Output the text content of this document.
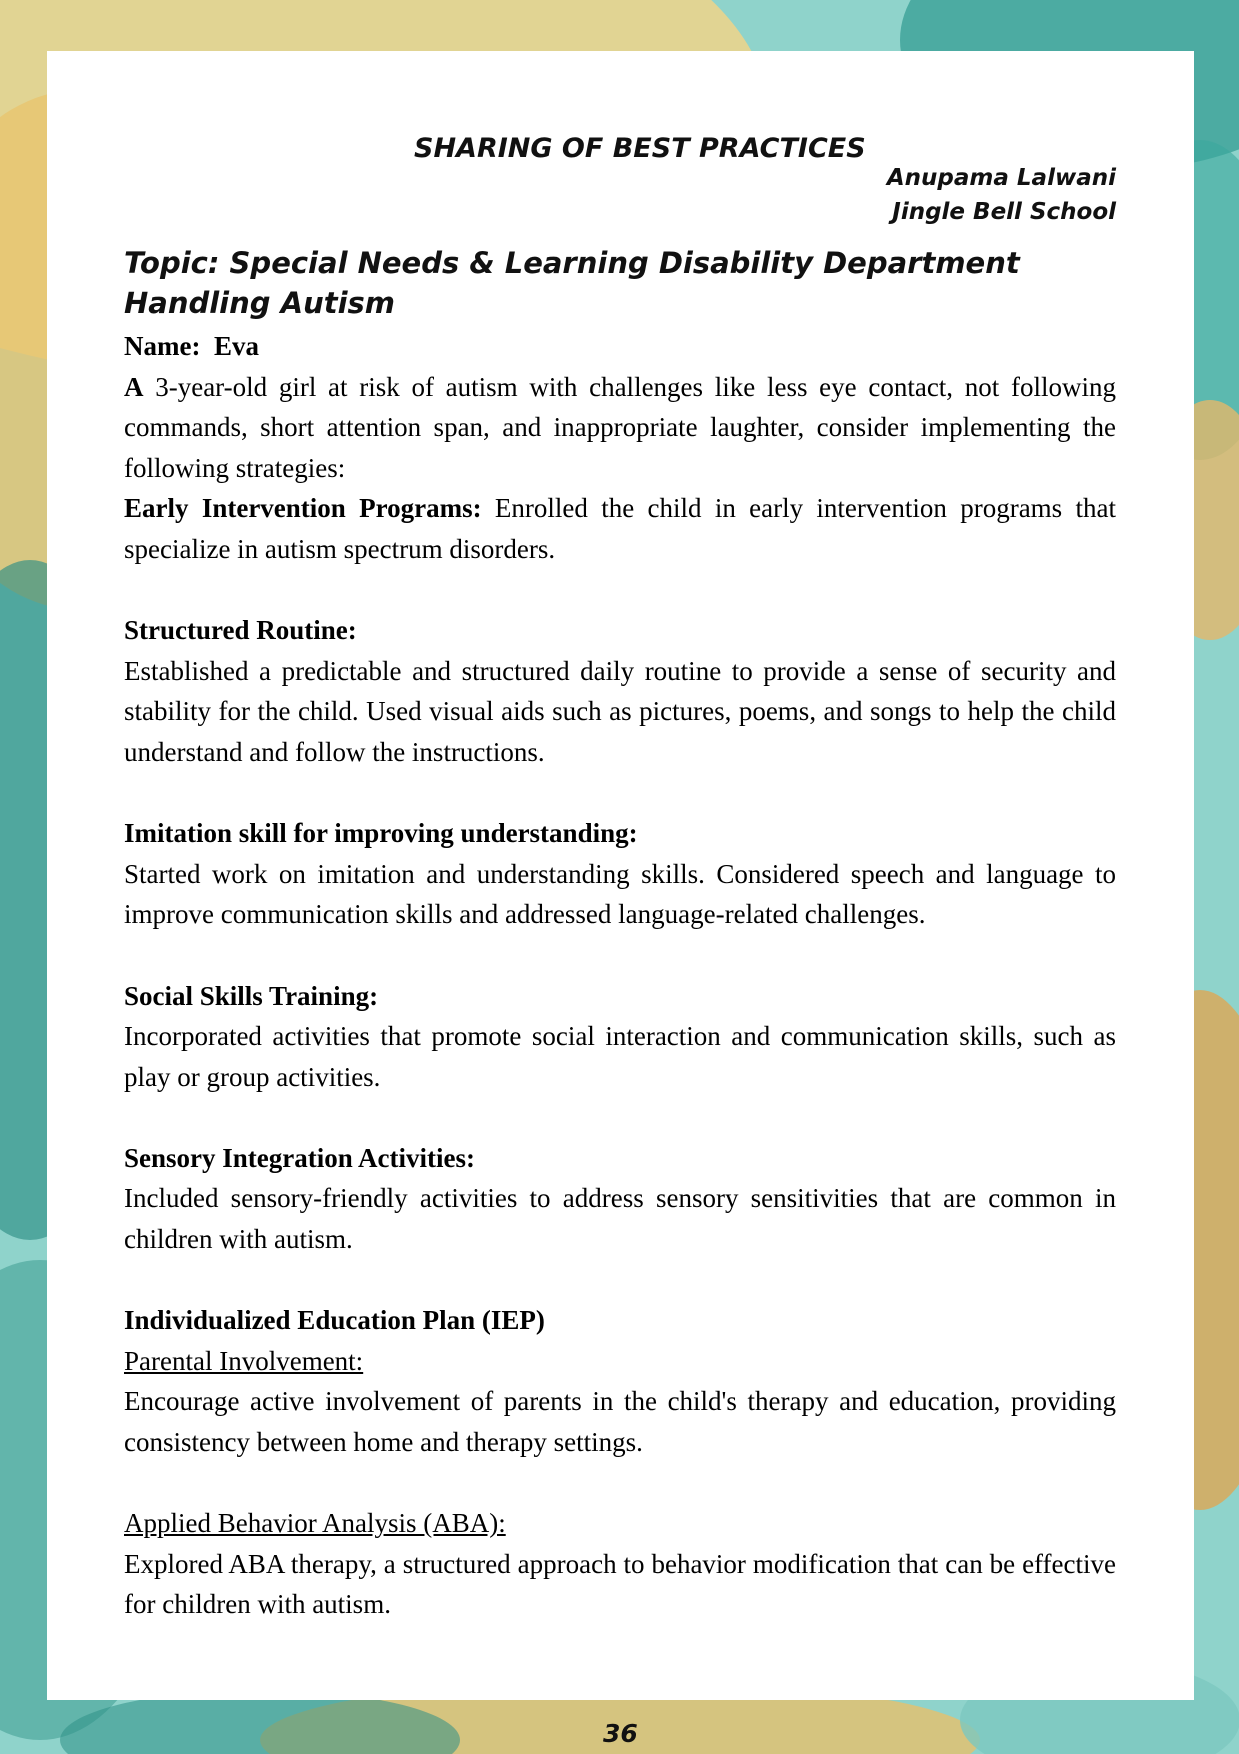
SHARING OF BEST PRACTICES
Anupama Lalwani
Jingle Bell School
Topic: Special Needs & Learning Disability Department Handling Autism

Name: Eva

A 3-year-old girl at risk of autism with challenges like less eye contact, not following commands, short attention span, and inappropriate laughter, consider implementing the following strategies:

Early Intervention Programs: Enrolled the child in early intervention programs that specialize in autism spectrum disorders.

Structured Routine:

Established a predictable and structured daily routine to provide a sense of security and stability for the child. Used visual aids such as pictures, poems, and songs to help the child understand and follow the instructions.

Imitation skill for improving understanding:

Started work on imitation and understanding skills. Considered speech and language to improve communication skills and addressed language-related challenges.

Social Skills Training:

Incorporated activities that promote social interaction and communication skills, such as play or group activities.

Sensory Integration Activities:

Included sensory-friendly activities to address sensory sensitivities that are common in children with autism.

Individualized Education Plan (IEP)

Parental Involvement:

Encourage active involvement of parents in the child's therapy and education, providing consistency between home and therapy settings.

Applied Behavior Analysis (ABA):

Explored ABA therapy, a structured approach to behavior modification that can be effective for children with autism.

36
